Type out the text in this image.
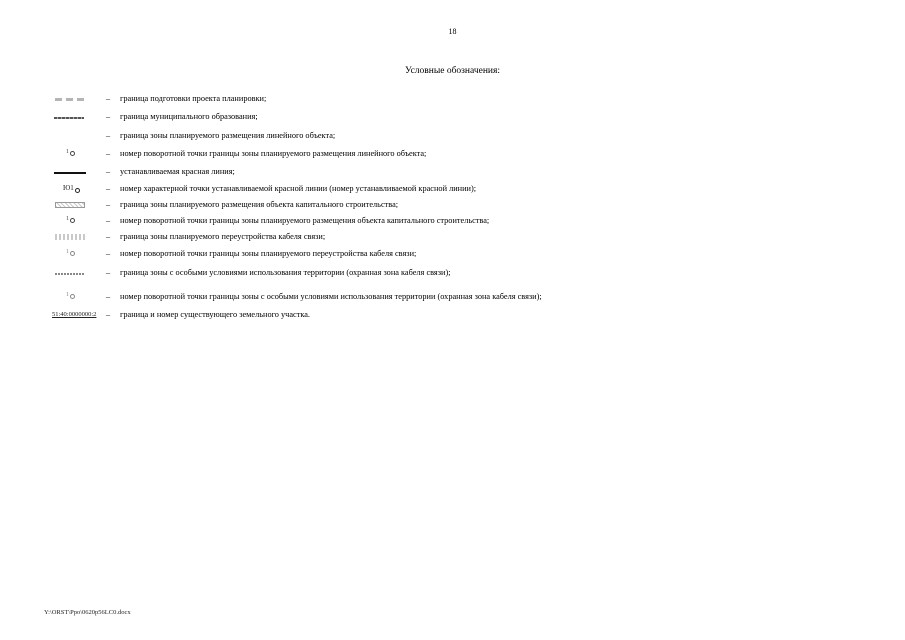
18
Условные обозначения:
–	граница подготовки проекта планировки;
–	граница муниципального образования;
–	граница зоны планируемого размещения линейного объекта;
1	–	номер поворотной точки границы зоны планируемого размещения линейного объекта;
–	устанавливаемая красная линия;
Ю1	–	номер характерной точки устанавливаемой красной линии (номер устанавливаемой красной линии);
–	граница зоны планируемого размещения объекта капитального строительства;
1	–	номер поворотной точки границы зоны планируемого размещения объекта капитального строительства;
–	граница зоны планируемого переустройства кабеля связи;
1	–	номер поворотной точки границы зоны планируемого переустройства кабеля связи;
–	граница зоны с особыми условиями использования территории (охранная зона кабеля связи);
1	–	номер поворотной точки границы зоны с особыми условиями использования территории (охранная зона кабеля связи);
51:40:0000000:2 –	граница и номер существующего земельного участка.
Y:\ORST\Ppo\0620p56LC0.docx
